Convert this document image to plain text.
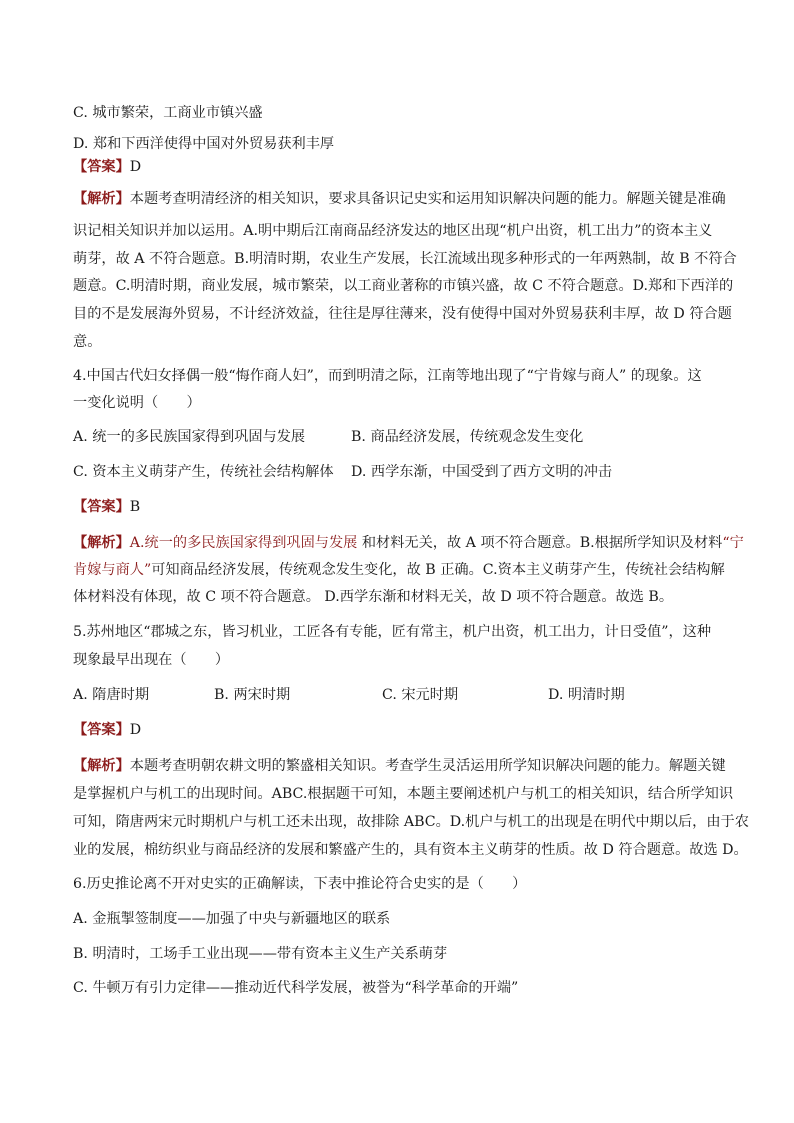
C. 城市繁荣，工商业市镇兴盛
D. 郑和下西洋使得中国对外贸易获利丰厚
【答案】D
【解析】本题考查明清经济的相关知识，要求具备识记史实和运用知识解决问题的能力。解题关键是准确
识记相关知识并加以运用。A.明中期后江南商品经济发达的地区出现“机户出资，机工出力”的资本主义
萌芽，故 A 不符合题意。B.明清时期，农业生产发展，长江流域出现多种形式的一年两熟制，故 B 不符合
题意。C.明清时期，商业发展，城市繁荣，以工商业著称的市镇兴盛，故 C 不符合题意。D.郑和下西洋的
目的不是发展海外贸易，不计经济效益，往往是厚往薄来，没有使得中国对外贸易获利丰厚，故 D 符合题
意。
4.中国古代妇女择偶一般“悔作商人妇”，而到明清之际，江南等地出现了“宁肯嫁与商人” 的现象。这
一变化说明（　　）
A. 统一的多民族国家得到巩固与发展	B. 商品经济发展，传统观念发生变化
C. 资本主义萌芽产生，传统社会结构解体 D. 西学东渐，中国受到了西方文明的冲击
【答案】B
【解析】A.统一的多民族国家得到巩固与发展 和材料无关，故 A 项不符合题意。B.根据所学知识及材料“宁
肯嫁与商人”可知商品经济发展，传统观念发生变化，故 B 正确。C.资本主义萌芽产生，传统社会结构解
体材料没有体现，故 C 项不符合题意。 D.西学东渐和材料无关，故 D 项不符合题意。故选 B。
5.苏州地区“郡城之东，皆习机业，工匠各有专能，匠有常主，机户出资，机工出力，计日受值”，这种
现象最早出现在（　　）
A. 隋唐时期	B. 两宋时期	C. 宋元时期	D. 明清时期
【答案】D
【解析】本题考查明朝农耕文明的繁盛相关知识。考查学生灵活运用所学知识解决问题的能力。解题关键
是掌握机户与机工的出现时间。ABC.根据题干可知，本题主要阐述机户与机工的相关知识，结合所学知识
可知，隋唐两宋元时期机户与机工还未出现，故排除 ABC。D.机户与机工的出现是在明代中期以后，由于农
业的发展，棉纺织业与商品经济的发展和繁盛产生的，具有资本主义萌芽的性质。故 D 符合题意。故选 D。
6.历史推论离不开对史实的正确解读，下表中推论符合史实的是（　　）
A. 金瓶掣签制度——加强了中央与新疆地区的联系
B. 明清时，工场手工业出现——带有资本主义生产关系萌芽
C. 牛顿万有引力定律——推动近代科学发展，被誉为“科学革命的开端”
